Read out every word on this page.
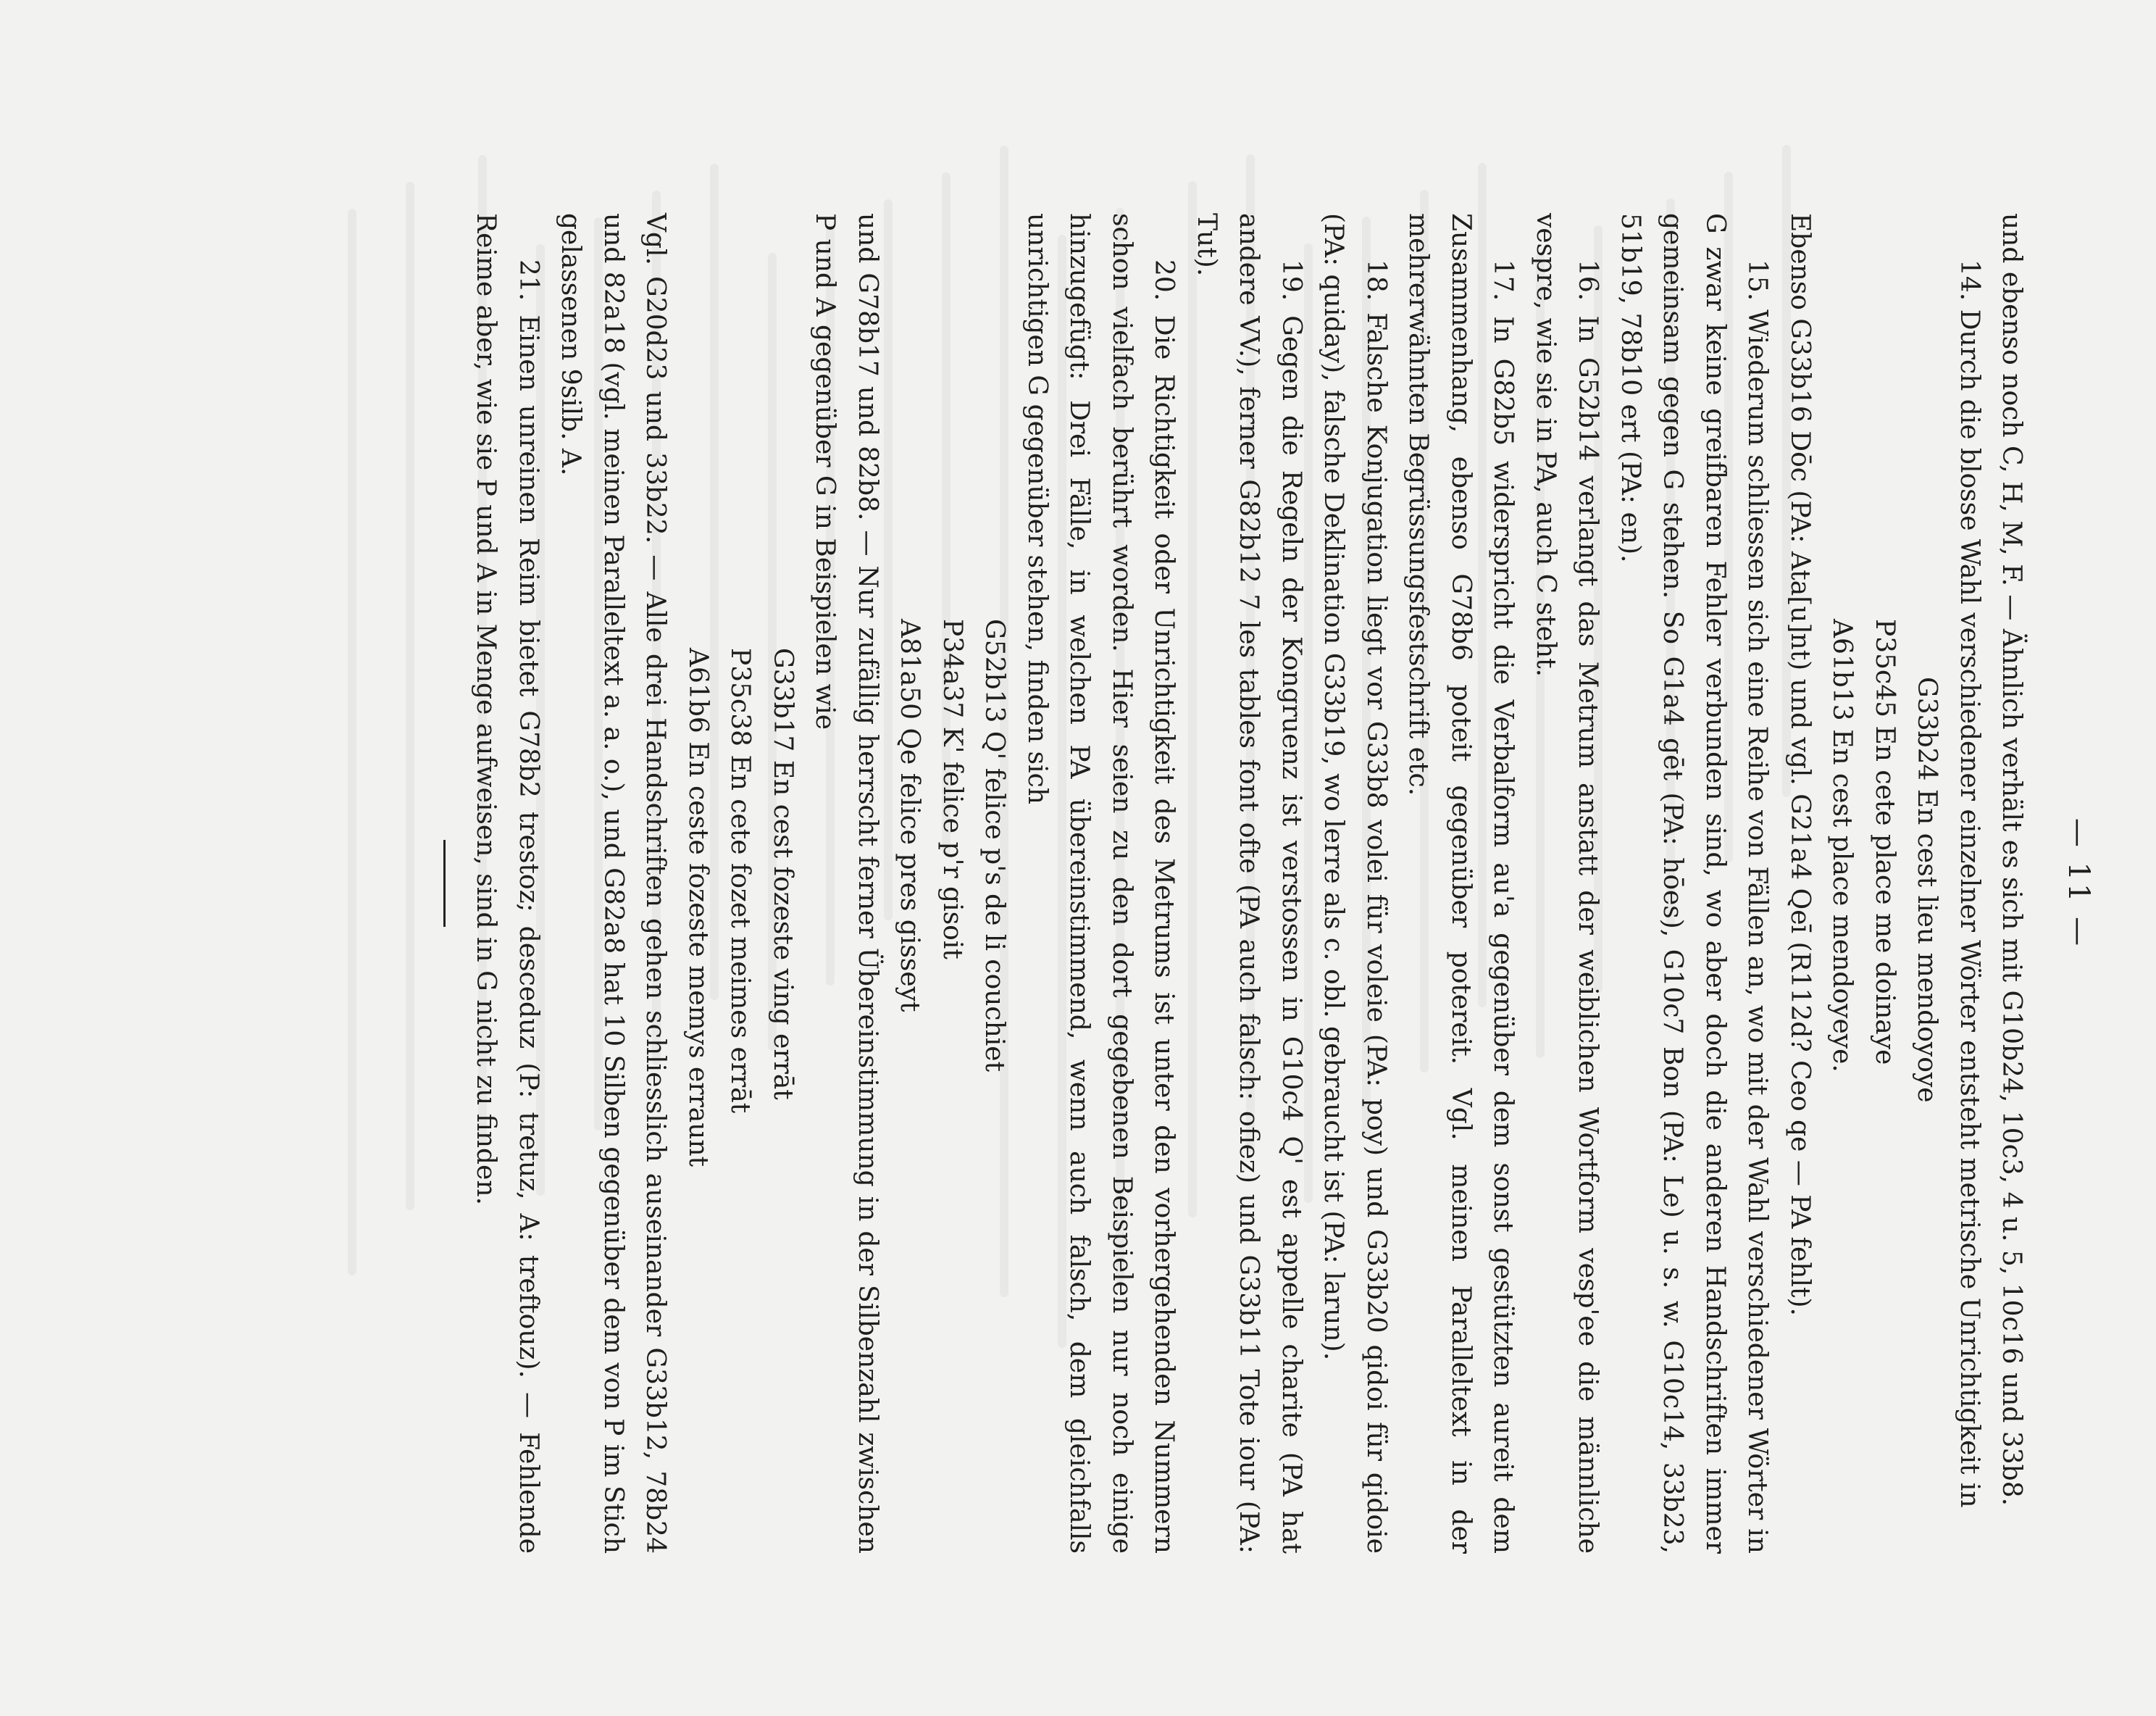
— 11 —

und ebenso noch C, H, M, F. — Ähnlich verhält es sich mit G10b24, 10c3, 4 u. 5, 10c16 und 33b8.

14. Durch die blosse Wahl verschiedener einzelner Wörter entsteht metrische Unrichtigkeit in

G33b24 En cest lieu mendoyoye
P35c45 En cete place me doinaye
A61b13 En cest place mendoyeye.

Ebenso G33b16 Dōc (PA: Ata[u]nt) und vgl. G21a4 Qeī (R112d? Ceo qe — PA fehlt).

15. Wiederum schliessen sich eine Reihe von Fällen an, wo mit der Wahl verschiedener Wörter in G zwar keine greifbaren Fehler verbunden sind, wo aber doch die anderen Handschriften immer gemeinsam gegen G stehen. So G1a4 gēt (PA: hōes), G10c7 Bon (PA: Le) u. s. w. G10c14, 33b23, 51b19, 78b10 ert (PA: en).

16. In G52b14 verlangt das Metrum anstatt der weiblichen Wortform vesp'ee die männliche vespre, wie sie in PA, auch C steht.

17. In G82b5 widerspricht die Verbalform au'a gegenüber dem sonst gestützten aureit dem Zusammenhang, ebenso G78b6 poteit gegenüber potereit. Vgl. meinen Paralleltext in der mehrerwähnten Begrüssungsfestschrift etc.

18. Falsche Konjugation liegt vor G33b8 volei für voleie (PA: poy) und G33b20 qidoi für qidoie (PA: quiday), falsche Deklination G33b19, wo lerre als c. obl. gebraucht ist (PA: larun).

19. Gegen die Regeln der Kongruenz ist verstossen in G10c4 Q' est appelle charite (PA hat andere VV.), ferner G82b12 7 les tables font ofte (PA auch falsch: ofiez) und G33b11 Tote iour (PA: Tut).

20. Die Richtigkeit oder Unrichtigkeit des Metrums ist unter den vorhergehenden Nummern schon vielfach berührt worden. Hier seien zu den dort gegebenen Beispielen nur noch einige hinzugefügt: Drei Fälle, in welchen PA übereinstimmend, wenn auch falsch, dem gleichfalls unrichtigen G gegenüber stehen, finden sich

G52b13 Q' felice p's de li couchiet
P34a37 K' felice p'r gisoit
A81a50 Qe felice pres gisseyt

und G78b17 und 82b8. — Nur zufällig herrscht ferner Übereinstimmung in der Silbenzahl zwischen P und A gegenüber G in Beispielen wie

G33b17 En cest fozeste ving errāt
P35c38 En cete fozet meimes errāt
A61b6 En ceste fozeste memys erraunt

Vgl. G20d23 und 33b22. — Alle drei Handschriften gehen schliesslich auseinander G33b12, 78b24 und 82a18 (vgl. meinen Paralleltext a. a. o.), und G82a8 hat 10 Silben gegenüber dem von P im Stich gelassenen 9silb. A.

21. Einen unreinen Reim bietet G78b2 trestoz; desceduz (P: tretuz, A: treftouz). — Fehlende Reime aber, wie sie P und A in Menge aufweisen, sind in G nicht zu finden.
